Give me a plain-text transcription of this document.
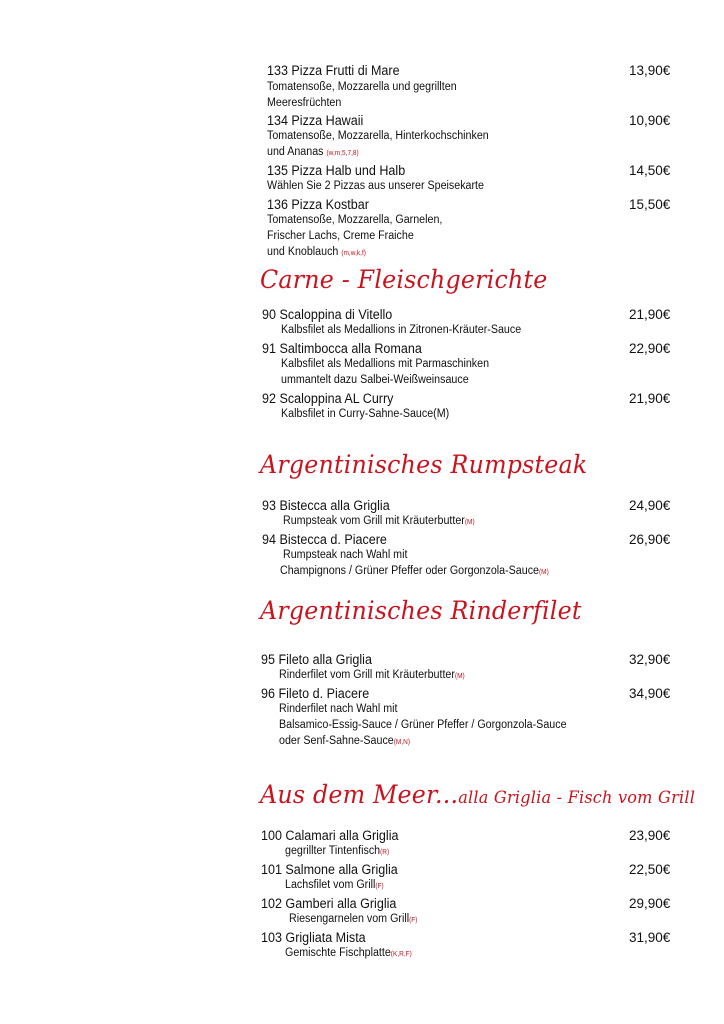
133 Pizza Frutti di Mare	13,90€
Tomatensoße, Mozzarella und gegrillten
Meeresfrüchten
134 Pizza Hawaii	10,90€
Tomatensoße, Mozzarella, Hinterkochschinken
und Ananas (w,m,5,7,8)
135 Pizza Halb und Halb	14,50€
Wählen Sie 2 Pizzas aus unserer Speisekarte
136 Pizza Kostbar	15,50€
Tomatensoße, Mozzarella, Garnelen,
Frischer Lachs, Creme Fraiche
und Knoblauch (m,w,k,f)
Carne - Fleischgerichte
90 Scaloppina di Vitello	21,90€
Kalbsfilet als Medallions in Zitronen-Kräuter-Sauce
91 Saltimbocca alla Romana	22,90€
Kalbsfilet als Medallions mit Parmaschinken
ummantelt dazu Salbei-Weißweinsauce
92 Scaloppina AL Curry	21,90€
Kalbsfilet in Curry-Sahne-Sauce(M)
Argentinisches Rumpsteak
93 Bistecca alla Griglia	24,90€
Rumpsteak vom Grill mit Kräuterbutter(M)
94 Bistecca d. Piacere	26,90€
Rumpsteak nach Wahl mit
Champignons / Grüner Pfeffer oder Gorgonzola-Sauce(M)
Argentinisches Rinderfilet
95 Fileto alla Griglia	32,90€
Rinderfilet vom Grill mit Kräuterbutter(M)
96 Fileto d. Piacere	34,90€
Rinderfilet nach Wahl mit
Balsamico-Essig-Sauce / Grüner Pfeffer / Gorgonzola-Sauce
oder Senf-Sahne-Sauce(M,N)
Aus dem Meer...alla Griglia - Fisch vom Grill
100 Calamari alla Griglia	23,90€
gegrillter Tintenfisch(R)
101 Salmone alla Griglia	22,50€
Lachsfilet vom Grill(F)
102 Gamberi alla Griglia	29,90€
Riesengarnelen vom Grill(F)
103 Grigliata Mista	31,90€
Gemischte Fischplatte(K,R,F)
